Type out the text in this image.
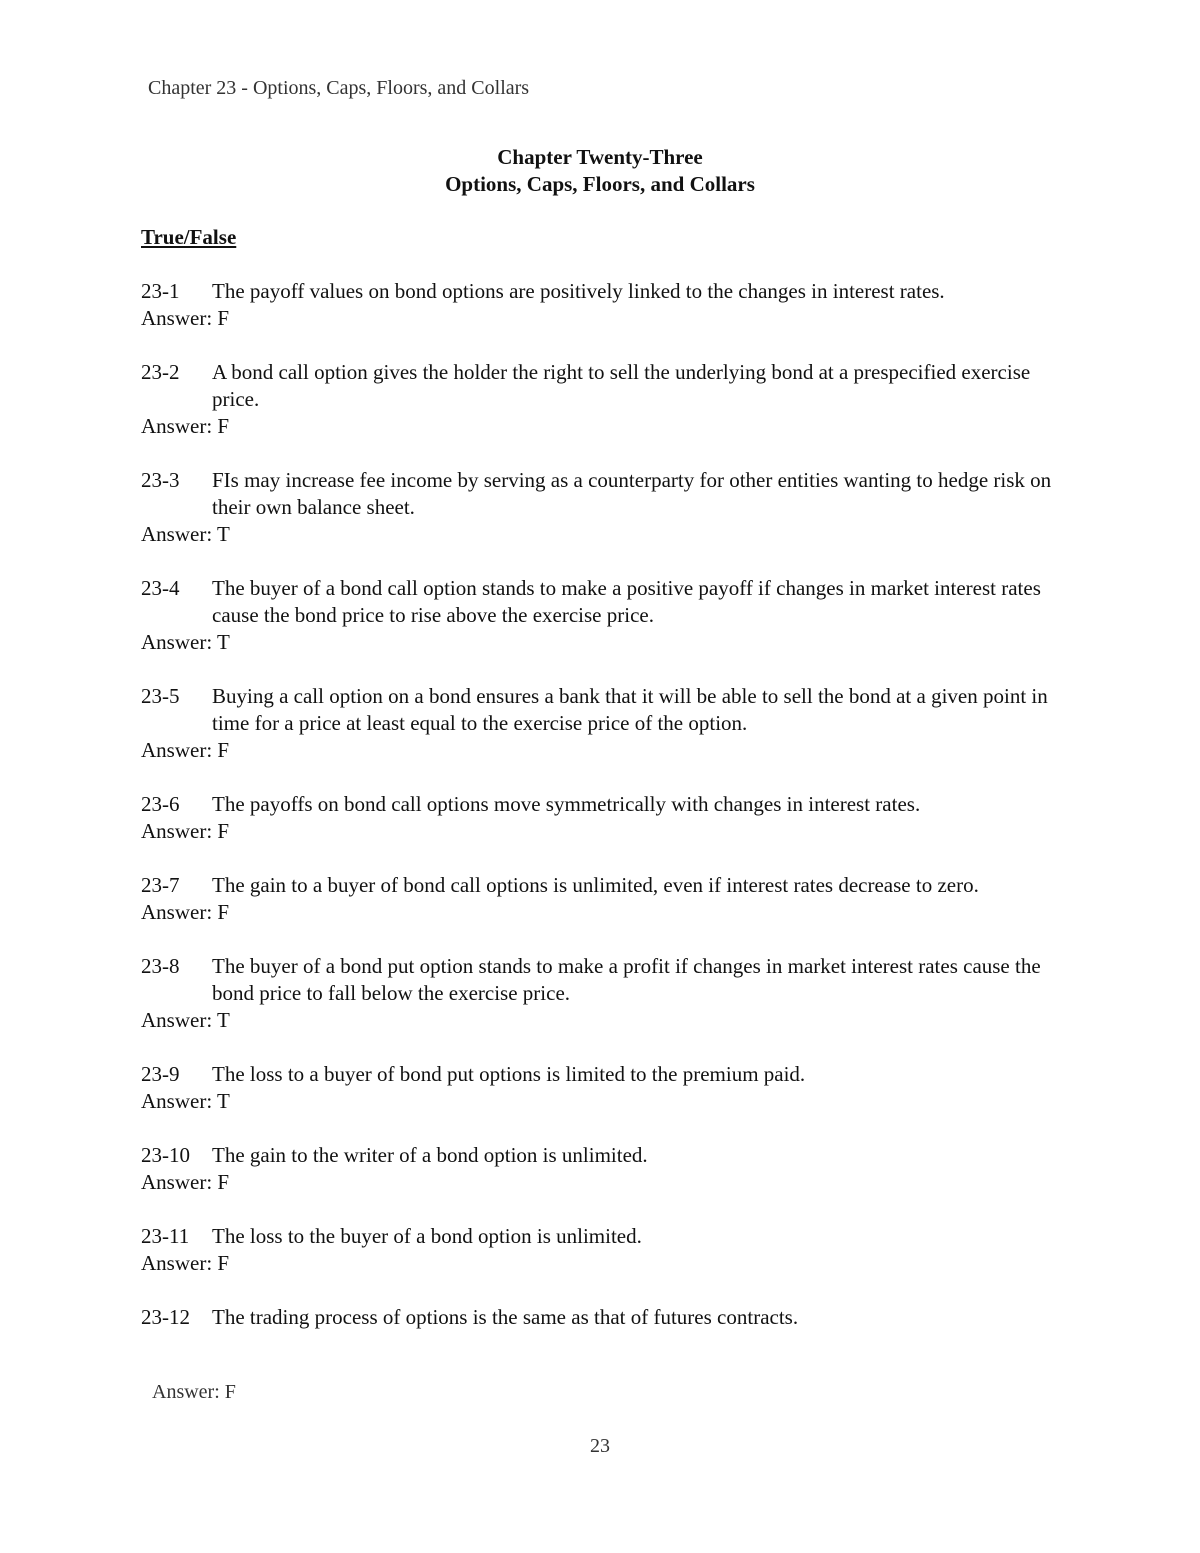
Chapter 23 - Options, Caps, Floors, and Collars
Chapter Twenty-Three
Options, Caps, Floors, and Collars
True/False
23-1	The payoff values on bond options are positively linked to the changes in interest rates.
Answer: F
23-2	A bond call option gives the holder the right to sell the underlying bond at a prespecified exercise price.
Answer: F
23-3	FIs may increase fee income by serving as a counterparty for other entities wanting to hedge risk on their own balance sheet.
Answer: T
23-4	The buyer of a bond call option stands to make a positive payoff if changes in market interest rates cause the bond price to rise above the exercise price.
Answer: T
23-5	Buying a call option on a bond ensures a bank that it will be able to sell the bond at a given point in time for a price at least equal to the exercise price of the option.
Answer: F
23-6	The payoffs on bond call options move symmetrically with changes in interest rates.
Answer: F
23-7	The gain to a buyer of bond call options is unlimited, even if interest rates decrease to zero.
Answer: F
23-8	The buyer of a bond put option stands to make a profit if changes in market interest rates cause the bond price to fall below the exercise price.
Answer: T
23-9	The loss to a buyer of bond put options is limited to the premium paid.
Answer: T
23-10	The gain to the writer of a bond option is unlimited.
Answer: F
23-11	The loss to the buyer of a bond option is unlimited.
Answer: F
23-12	The trading process of options is the same as that of futures contracts.
Answer: F
23
